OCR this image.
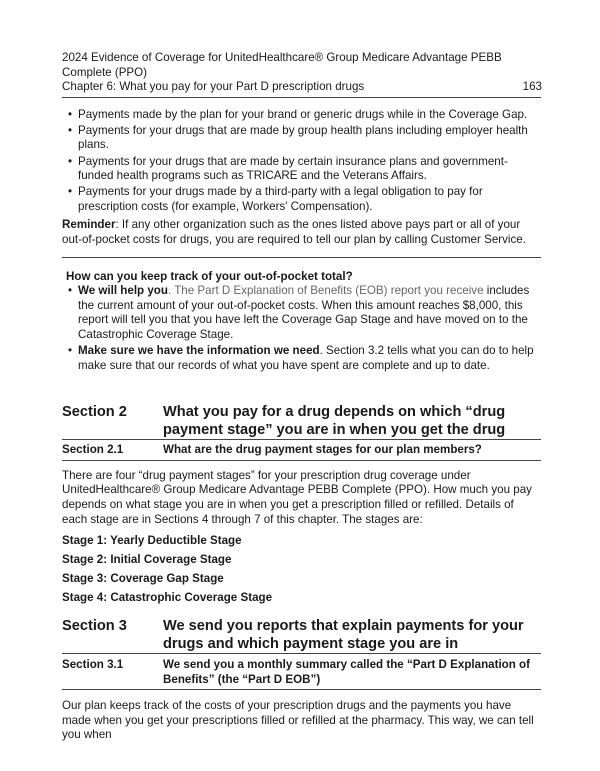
2024 Evidence of Coverage for UnitedHealthcare® Group Medicare Advantage PEBB Complete (PPO)
Chapter 6: What you pay for your Part D prescription drugs	163
• Payments made by the plan for your brand or generic drugs while in the Coverage Gap.
• Payments for your drugs that are made by group health plans including employer health plans.
• Payments for your drugs that are made by certain insurance plans and government-funded health programs such as TRICARE and the Veterans Affairs.
• Payments for your drugs made by a third-party with a legal obligation to pay for prescription costs (for example, Workers' Compensation).
Reminder: If any other organization such as the ones listed above pays part or all of your out-of-pocket costs for drugs, you are required to tell our plan by calling Customer Service.
How can you keep track of your out-of-pocket total?
• We will help you. The Part D Explanation of Benefits (EOB) report you receive includes the current amount of your out-of-pocket costs. When this amount reaches $8,000, this report will tell you that you have left the Coverage Gap Stage and have moved on to the Catastrophic Coverage Stage.
• Make sure we have the information we need. Section 3.2 tells what you can do to help make sure that our records of what you have spent are complete and up to date.
Section 2	What you pay for a drug depends on which “drug payment stage” you are in when you get the drug
Section 2.1	What are the drug payment stages for our plan members?
There are four “drug payment stages” for your prescription drug coverage under UnitedHealthcare® Group Medicare Advantage PEBB Complete (PPO). How much you pay depends on what stage you are in when you get a prescription filled or refilled. Details of each stage are in Sections 4 through 7 of this chapter. The stages are:
Stage 1: Yearly Deductible Stage
Stage 2: Initial Coverage Stage
Stage 3: Coverage Gap Stage
Stage 4: Catastrophic Coverage Stage
Section 3	We send you reports that explain payments for your drugs and which payment stage you are in
Section 3.1	We send you a monthly summary called the “Part D Explanation of Benefits” (the “Part D EOB”)
Our plan keeps track of the costs of your prescription drugs and the payments you have made when you get your prescriptions filled or refilled at the pharmacy. This way, we can tell you when
